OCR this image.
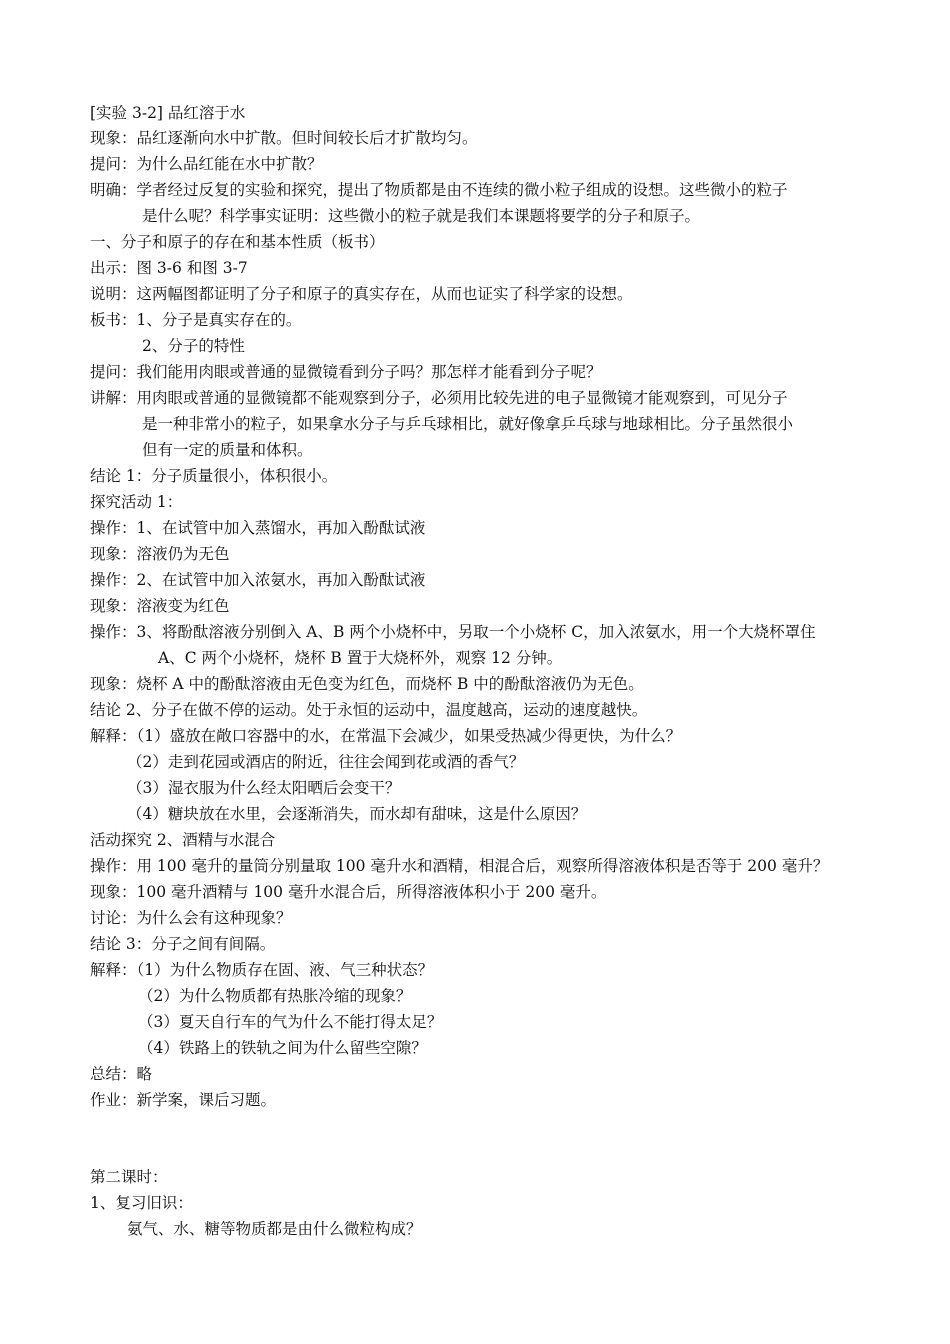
[实验 3-2] 品红溶于水
现象：品红逐渐向水中扩散。但时间较长后才扩散均匀。
提问：为什么品红能在水中扩散？
明确：学者经过反复的实验和探究，提出了物质都是由不连续的微小粒子组成的设想。这些微小的粒子
是什么呢？科学事实证明：这些微小的粒子就是我们本课题将要学的分子和原子。
一、分子和原子的存在和基本性质（板书）
出示：图 3-6 和图 3-7
说明：这两幅图都证明了分子和原子的真实存在，从而也证实了科学家的设想。
板书：1、分子是真实存在的。
2、分子的特性
提问：我们能用肉眼或普通的显微镜看到分子吗？那怎样才能看到分子呢？
讲解：用肉眼或普通的显微镜都不能观察到分子，必须用比较先进的电子显微镜才能观察到，可见分子
是一种非常小的粒子，如果拿水分子与乒乓球相比，就好像拿乒乓球与地球相比。分子虽然很小
但有一定的质量和体积。
结论 1：分子质量很小，体积很小。
探究活动 1：
操作：1、在试管中加入蒸馏水，再加入酚酞试液
现象：溶液仍为无色
操作：2、在试管中加入浓氨水，再加入酚酞试液
现象：溶液变为红色
操作：3、将酚酞溶液分别倒入 A、B 两个小烧杯中，另取一个小烧杯 C，加入浓氨水，用一个大烧杯罩住
A、C 两个小烧杯，烧杯 B 置于大烧杯外，观察 12 分钟。
现象：烧杯 A 中的酚酞溶液由无色变为红色，而烧杯 B 中的酚酞溶液仍为无色。
结论 2、分子在做不停的运动。处于永恒的运动中，温度越高，运动的速度越快。
解释：（1）盛放在敞口容器中的水，在常温下会减少，如果受热减少得更快，为什么？
（2）走到花园或酒店的附近，往往会闻到花或酒的香气？
（3）湿衣服为什么经太阳晒后会变干？
（4）糖块放在水里，会逐渐消失，而水却有甜味，这是什么原因？
活动探究 2、酒精与水混合
操作：用 100 毫升的量筒分别量取 100 毫升水和酒精，相混合后，观察所得溶液体积是否等于 200 毫升？
现象：100 毫升酒精与 100 毫升水混合后，所得溶液体积小于 200 毫升。
讨论：为什么会有这种现象？
结论 3：分子之间有间隔。
解释：（1）为什么物质存在固、液、气三种状态？
（2）为什么物质都有热胀冷缩的现象？
（3）夏天自行车的气为什么不能打得太足？
（4）铁路上的铁轨之间为什么留些空隙？
总结：略
作业：新学案，课后习题。
第二课时：
1、复习旧识：
氨气、水、糖等物质都是由什么微粒构成？
